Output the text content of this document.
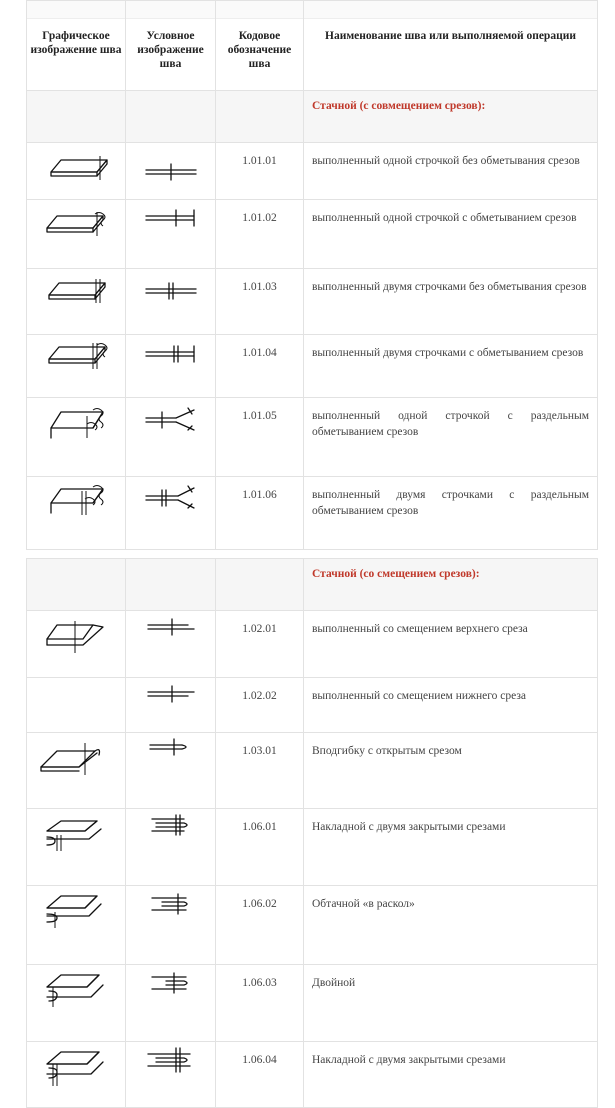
Графическое изображение шва	Условное изображение шва	Кодовое обозначение шва	Наименование шва или выполняемой операции
			Стачной (с совмещением срезов):

	1.01.01	выполненный одной строчкой без обметывания срезов

	1.01.02	выполненный одной строчкой с обметыванием срезов

	1.01.03	выполненный двумя строчками без обметывания срезов

	1.01.04	выполненный двумя строчками с обметыванием срезов

	1.01.05	выполненный одной строчкой с раздельным обметыванием срезов

	1.01.06	выполненный двумя строчками с раздельным обметыванием срезов

			Стачной (со смещением срезов):

	1.02.01	выполненный со смещением верхнего среза

	1.02.02	выполненный со смещением нижнего среза

	1.03.01	Вподгибку с открытым срезом

	1.06.01	Накладной с двумя закрытыми срезами

	1.06.02	Обтачной «в раскол»

	1.06.03	Двойной

	1.06.04	Накладной с двумя закрытыми срезами
